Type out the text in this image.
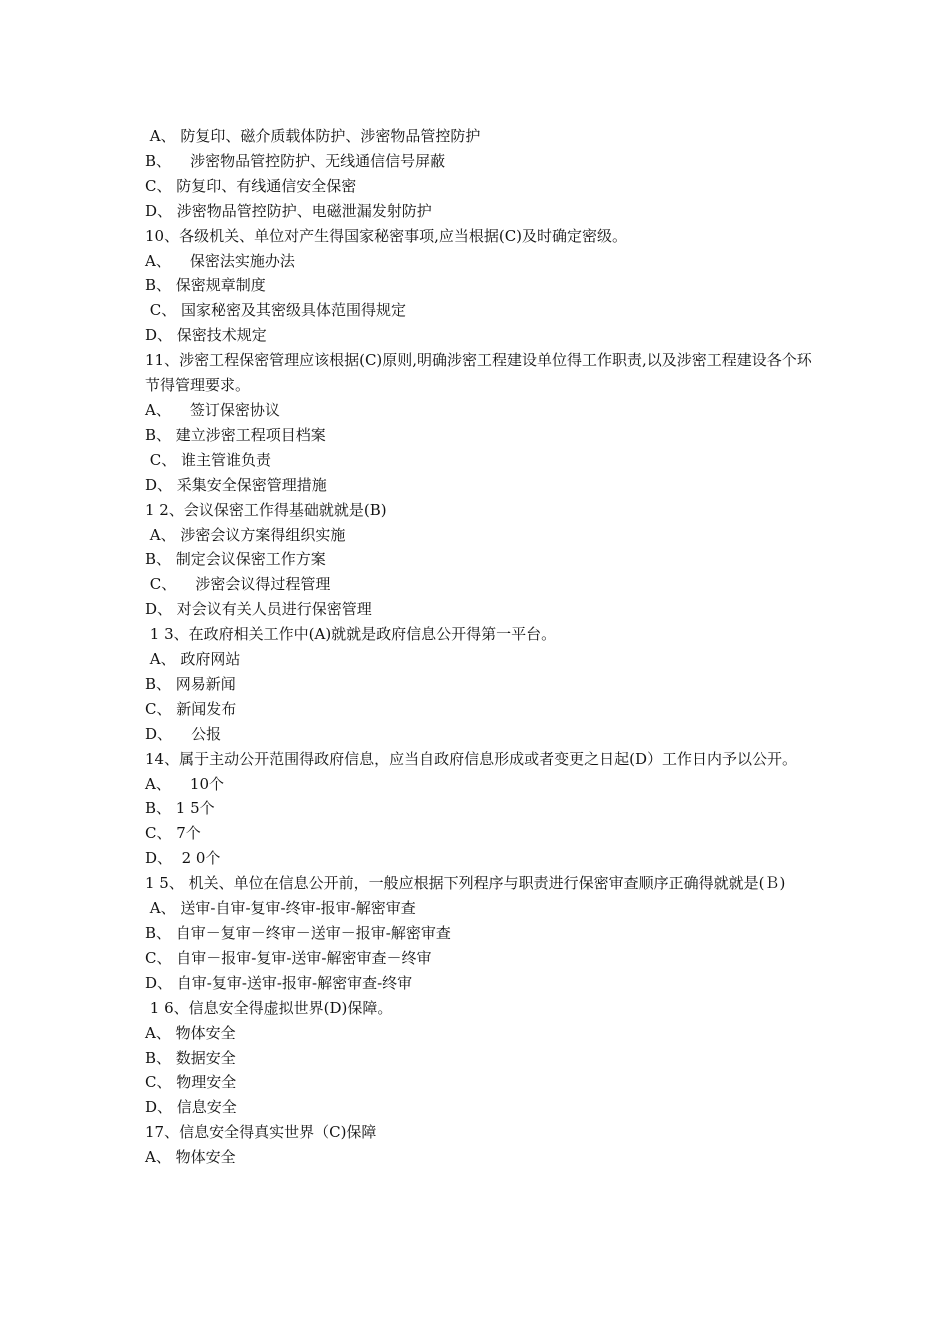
A、 防复印、磁介质载体防护、涉密物品管控防护

B、    涉密物品管控防护、无线通信信号屏蔽

C、 防复印、有线通信安全保密

D、 涉密物品管控防护、电磁泄漏发射防护

10、各级机关、单位对产生得国家秘密事项,应当根据(C)及时确定密级。

A、    保密法实施办法

B、 保密规章制度

C、 国家秘密及其密级具体范围得规定

D、 保密技术规定

11、涉密工程保密管理应该根据(C)原则,明确涉密工程建设单位得工作职责,以及涉密工程建设各个环节得管理要求。

A、    签订保密协议

B、 建立涉密工程项目档案

C、 谁主管谁负责

D、 采集安全保密管理措施

1 2、会议保密工作得基础就就是(B)

A、 涉密会议方案得组织实施

B、 制定会议保密工作方案

C、    涉密会议得过程管理

D、 对会议有关人员进行保密管理

1 3、在政府相关工作中(A)就就是政府信息公开得第一平台。

A、 政府网站

B、 网易新闻

C、 新闻发布

D、    公报

14、属于主动公开范围得政府信息，应当自政府信息形成或者变更之日起(D）工作日内予以公开。

A、    10个

B、 1 5个

C、 7个

D、  2 0个

1 5、 机关、单位在信息公开前，一般应根据下列程序与职责进行保密审查顺序正确得就就是(Ｂ)

A、 送审-自审-复审-终审-报审-解密审查

B、 自审－复审－终审－送审－报审-解密审查

C、 自审－报审-复审-送审-解密审查－终审

D、 自审-复审-送审-报审-解密审查-终审

1 6、信息安全得虚拟世界(D)保障。

A、 物体安全

B、 数据安全

C、 物理安全

D、 信息安全

17、信息安全得真实世界（C)保障

A、 物体安全
